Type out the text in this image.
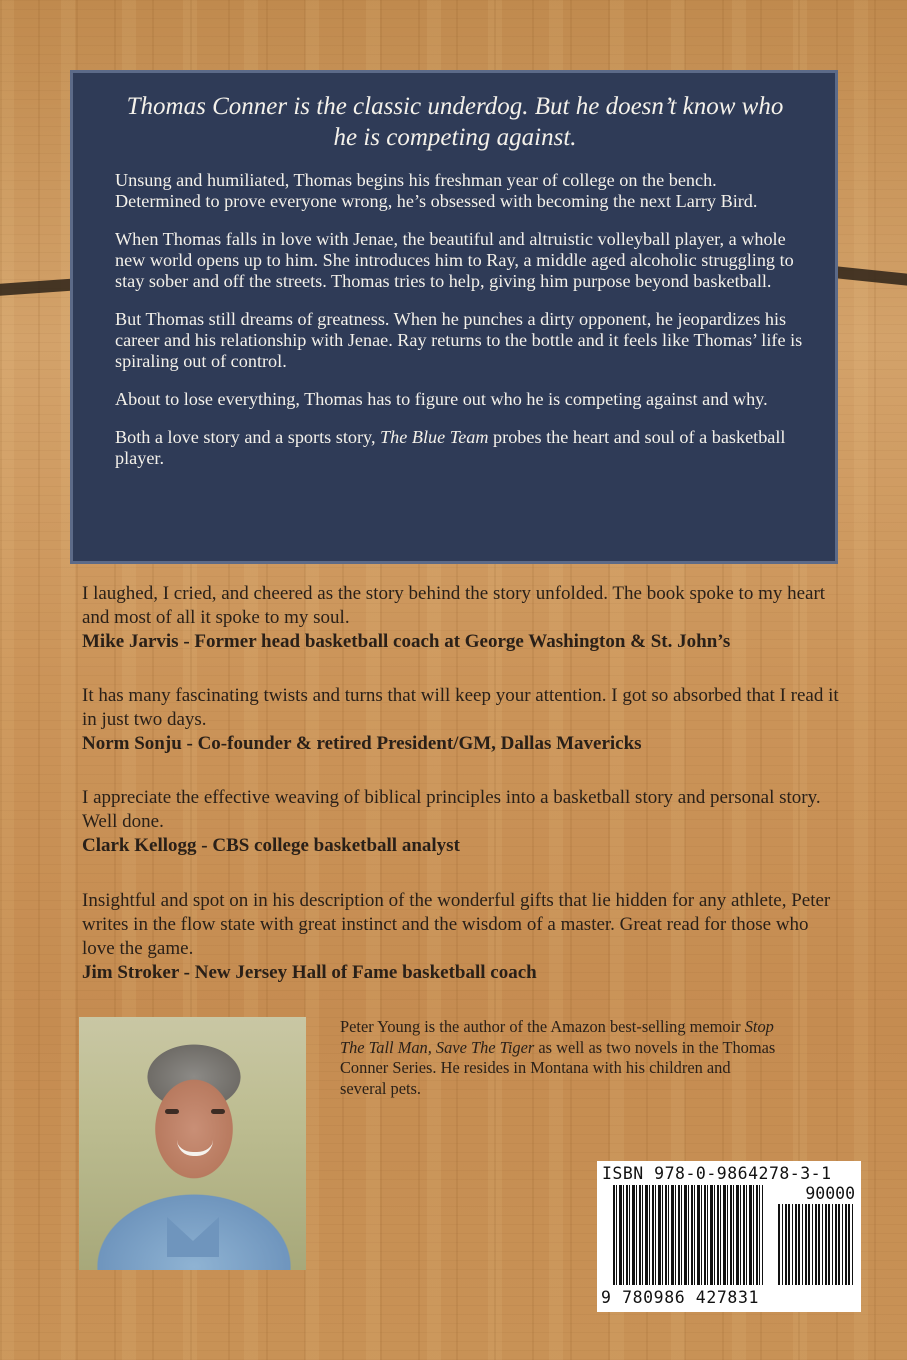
Thomas Conner is the classic underdog. But he doesn’t know who he is competing against.

Unsung and humiliated, Thomas begins his freshman year of college on the bench. Determined to prove everyone wrong, he’s obsessed with becoming the next Larry Bird.

When Thomas falls in love with Jenae, the beautiful and altruistic volleyball player, a whole new world opens up to him. She introduces him to Ray, a middle aged alcoholic struggling to stay sober and off the streets. Thomas tries to help, giving him purpose beyond basketball.

But Thomas still dreams of greatness. When he punches a dirty opponent, he jeopardizes his career and his relationship with Jenae. Ray returns to the bottle and it feels like Thomas’ life is spiraling out of control.

About to lose everything, Thomas has to figure out who he is competing against and why.

Both a love story and a sports story, The Blue Team probes the heart and soul of a basketball player.

I laughed, I cried, and cheered as the story behind the story unfolded. The book spoke to my heart and most of all it spoke to my soul.
Mike Jarvis - Former head basketball coach at George Washington & St. John’s
It has many fascinating twists and turns that will keep your attention. I got so absorbed that I read it in just two days.
Norm Sonju - Co-founder & retired President/GM, Dallas Mavericks
I appreciate the effective weaving of biblical principles into a basketball story and personal story. Well done.
Clark Kellogg - CBS college basketball analyst
Insightful and spot on in his description of the wonderful gifts that lie hidden for any athlete, Peter writes in the flow state with great instinct and the wisdom of a master. Great read for those who love the game.
Jim Stroker - New Jersey Hall of Fame basketball coach
Peter Young is the author of the Amazon best-selling memoir Stop The Tall Man, Save The Tiger as well as two novels in the Thomas Conner Series. He resides in Montana with his children and several pets.
ISBN 978-0-9864278-3-1
90000
9 780986 427831
